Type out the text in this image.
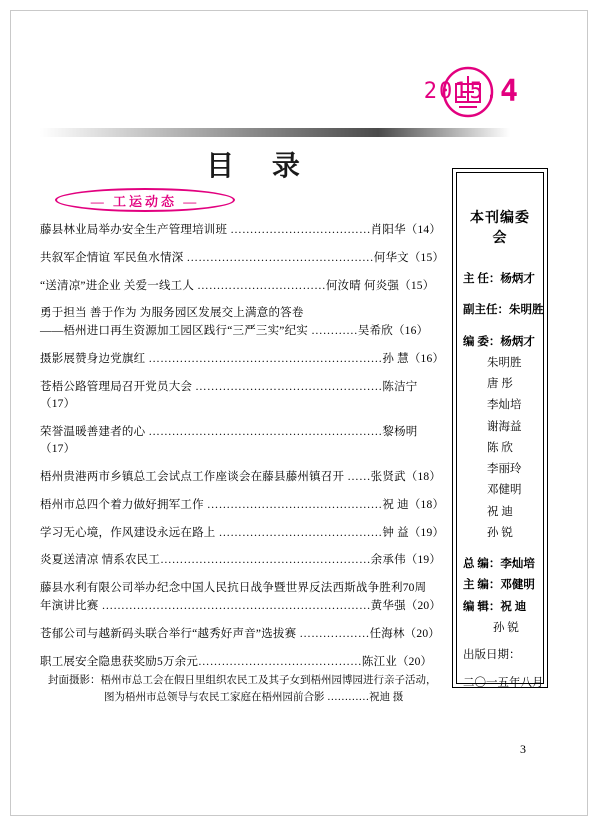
2015.4
目 录
— 工运动态 —
藤县林业局举办安全生产管理培训班 ………………………………肖阳华（14）
共叙军企情谊 军民鱼水情深 …………………………………………何华文（15）
“送清凉”进企业 关爱一线工人 ……………………………何汝晴 何炎强（15）
勇于担当 善于作为 为服务园区发展交上满意的答卷
——梧州进口再生资源加工园区践行“三严三实”纪实 …………吴希欣（16）
摄影展赞身边党旗红 ……………………………………………………孙 慧（16）
苍梧公路管理局召开党员大会 …………………………………………陈洁宁（17）
荣誉温暖善建者的心 ……………………………………………………黎杨明（17）
梧州贵港两市乡镇总工会试点工作座谈会在藤县藤州镇召开 ……张贤武（18）
梧州市总四个着力做好拥军工作 ………………………………………祝 迪（18）
学习无心境，作风建设永远在路上 ……………………………………钟 益（19）
炎夏送清凉 情系农民工………………………………………………余承伟（19）
藤县水利有限公司举办纪念中国人民抗日战争暨世界反法西斯战争胜利70周
年演讲比赛 ……………………………………………………………黄华强（20）
苍郁公司与越新码头联合举行“越秀好声音”选拔赛 ………………任海林（20）
职工展安全隐患获奖励5万余元……………………………………陈江业（20）
封面摄影：梧州市总工会在假日里组织农民工及其子女到梧州园博园进行亲子活动，
图为梧州市总领导与农民工家庭在梧州园前合影 …………祝迪 摄
本刊编委会
主 任：杨炳才
副主任：朱明胜
编 委：杨炳才
朱明胜
唐 彤
李灿培
谢海益
陈 欣
李丽玲
邓健明
祝 迪
孙 锐
总 编：李灿培
主 编：邓健明
编 辑：祝 迪
孙 锐
出版日期：
二〇一五年八月
3
